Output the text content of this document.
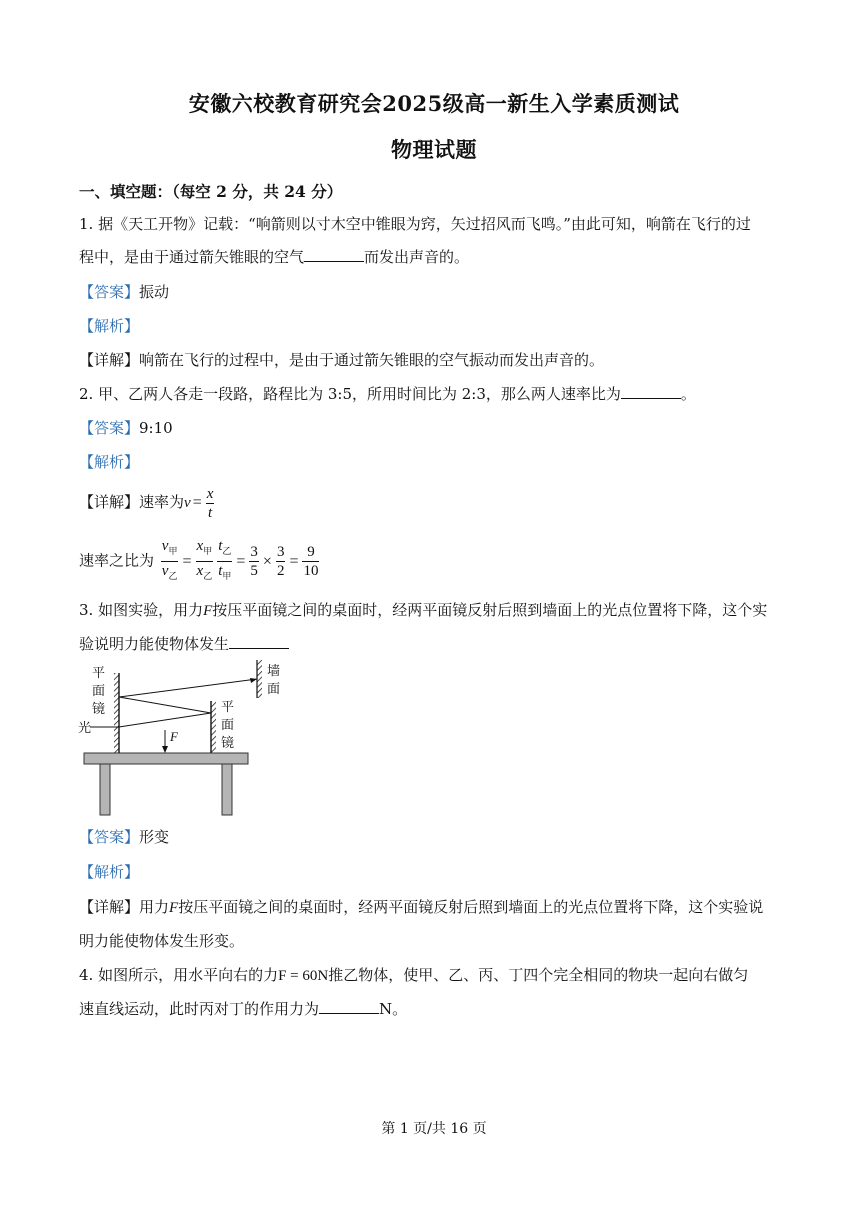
安徽六校教育研究会2025级高一新生入学素质测试
物理试题
一、填空题：（每空 2 分，共 24 分）
1. 据《天工开物》记载：“响箭则以寸木空中锥眼为窍，矢过招风而飞鸣。”由此可知，响箭在飞行的过
程中，是由于通过箭矢锥眼的空气	而发出声音的。
【答案】振动
【解析】
【详解】响箭在飞行的过程中，是由于通过箭矢锥眼的空气振动而发出声音的。
2. 甲、乙两人各走一段路，路程比为 3:5，所用时间比为 2:3，那么两人速率比为	。
【答案】9:10
【解析】
【详解】速率为$v = \frac{x}{t}$
速率之比为 $\frac{v_甲}{v_乙} = \frac{x_甲}{x_乙} \frac{t_乙}{t_甲} = \frac{3}{5} \times \frac{3}{2} = \frac{9}{10}$
3. 如图实验，用力F按压平面镜之间的桌面时，经两平面镜反射后照到墙面上的光点位置将下降，这个实
验说明力能使物体发生
平
面
镜
光
墙
面
平
面
镜
F
【答案】形变
【解析】
【详解】用力F按压平面镜之间的桌面时，经两平面镜反射后照到墙面上的光点位置将下降，这个实验说
明力能使物体发生形变。
4. 如图所示，用水平向右的力F = 60N推乙物体，使甲、乙、丙、丁四个完全相同的物块一起向右做匀
速直线运动，此时丙对丁的作用力为	N。
第 1 页/共 16 页
